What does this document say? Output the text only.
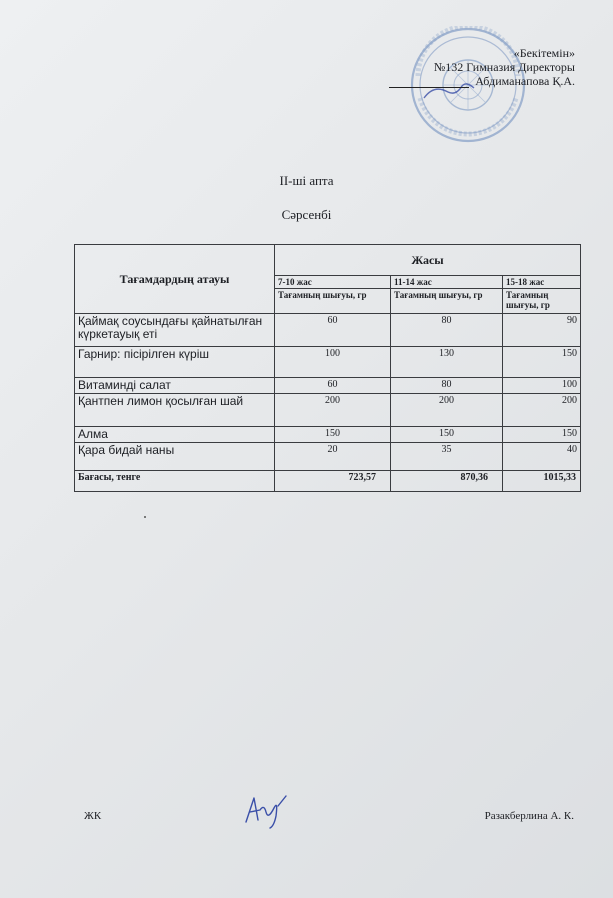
«Бекітемін»
№132 Гимназия Директоры
Абдиманапова Қ.А.
ІІ-ші апта
Сәрсенбі
Тағамдардың атауы	Жасы		
	7-10 жас	11-14 жас	15-18 жас
	Тағамның шығуы, гр	Тағамның шығуы, гр	Тағамның шығуы, гр
Қаймақ соусындағы қайнатылған күркетауық еті	60	80	90
Гарнир: пісірілген күріш	100	130	150
Витаминді салат	60	80	100
Қантпен лимон қосылған шай	200	200	200
Алма	150	150	150
Қара бидай наны	20	35	40
Бағасы, тенге	723,57	870,36	1015,33
ЖК	Разакберлина А. К.
